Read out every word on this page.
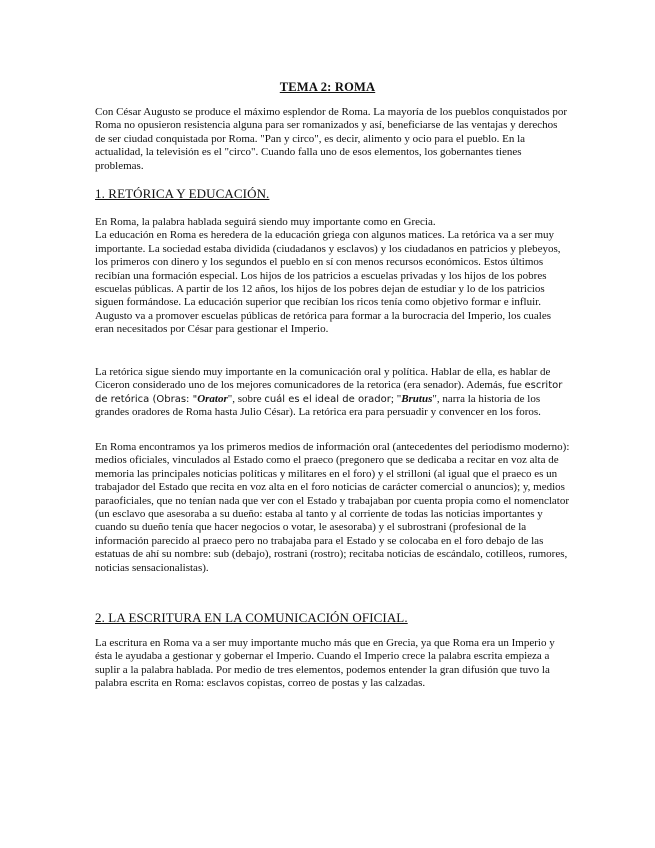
TEMA 2: ROMA

Con César Augusto se produce el máximo esplendor de Roma. La mayoría de los pueblos conquistados por Roma no opusieron resistencia alguna para ser romanizados y así, beneficiarse de las ventajas y derechos de ser ciudad conquistada por Roma. "Pan y circo", es decir, alimento y ocio para el pueblo. En la actualidad, la televisión es el "circo". Cuando falla uno de esos elementos, los gobernantes tienes problemas.

1. RETÓRICA Y EDUCACIÓN.

En Roma, la palabra hablada seguirá siendo muy importante como en Grecia.

La educación en Roma es heredera de la educación griega con algunos matices. La retórica va a ser muy importante. La sociedad estaba dividida (ciudadanos y esclavos) y los ciudadanos en patricios y plebeyos, los primeros con dinero y los segundos el pueblo en sí con menos recursos económicos. Estos últimos recibían una formación especial. Los hijos de los patricios a escuelas privadas y los hijos de los pobres escuelas públicas. A partir de los 12 años, los hijos de los pobres dejan de estudiar y lo de los patricios siguen formándose. La educación superior que recibían los ricos tenía como objetivo formar e influir. Augusto va a promover escuelas públicas de retórica para formar a la burocracia del Imperio, los cuales eran necesitados por César para gestionar el Imperio.

La retórica sigue siendo muy importante en la comunicación oral y política. Hablar de ella, es hablar de Ciceron considerado uno de los mejores comunicadores de la retorica (era senador). Además, fue escritor de retórica (Obras: "Orator", sobre cuál es el ideal de orador; "Brutus", narra la historia de los grandes oradores de Roma hasta Julio César). La retórica era para persuadir y convencer en los foros.

En Roma encontramos ya los primeros medios de información oral (antecedentes del periodismo moderno): medios oficiales, vinculados al Estado como el praeco (pregonero que se dedicaba a recitar en voz alta de memoria las principales noticias políticas y militares en el foro) y el strilloni (al igual que el praeco es un trabajador del Estado que recita en voz alta en el foro noticias de carácter comercial o anuncios); y, medios paraoficiales, que no tenían nada que ver con el Estado y trabajaban por cuenta propia como el nomenclator (un esclavo que asesoraba a su dueño: estaba al tanto y al corriente de todas las noticias importantes y cuando su dueño tenía que hacer negocios o votar, le asesoraba) y el subrostrani (profesional de la información parecido al praeco pero no trabajaba para el Estado y se colocaba en el foro debajo de las estatuas de ahí su nombre: sub (debajo), rostrani (rostro); recitaba noticias de escándalo, cotilleos, rumores, noticias sensacionalistas).

2. LA ESCRITURA EN LA COMUNICACIÓN OFICIAL.

La escritura en Roma va a ser muy importante mucho más que en Grecia, ya que Roma era un Imperio y ésta le ayudaba a gestionar y gobernar el Imperio. Cuando el Imperio crece la palabra escrita empieza a suplir a la palabra hablada. Por medio de tres elementos, podemos entender la gran difusión que tuvo la palabra escrita en Roma: esclavos copistas, correo de postas y las calzadas.
